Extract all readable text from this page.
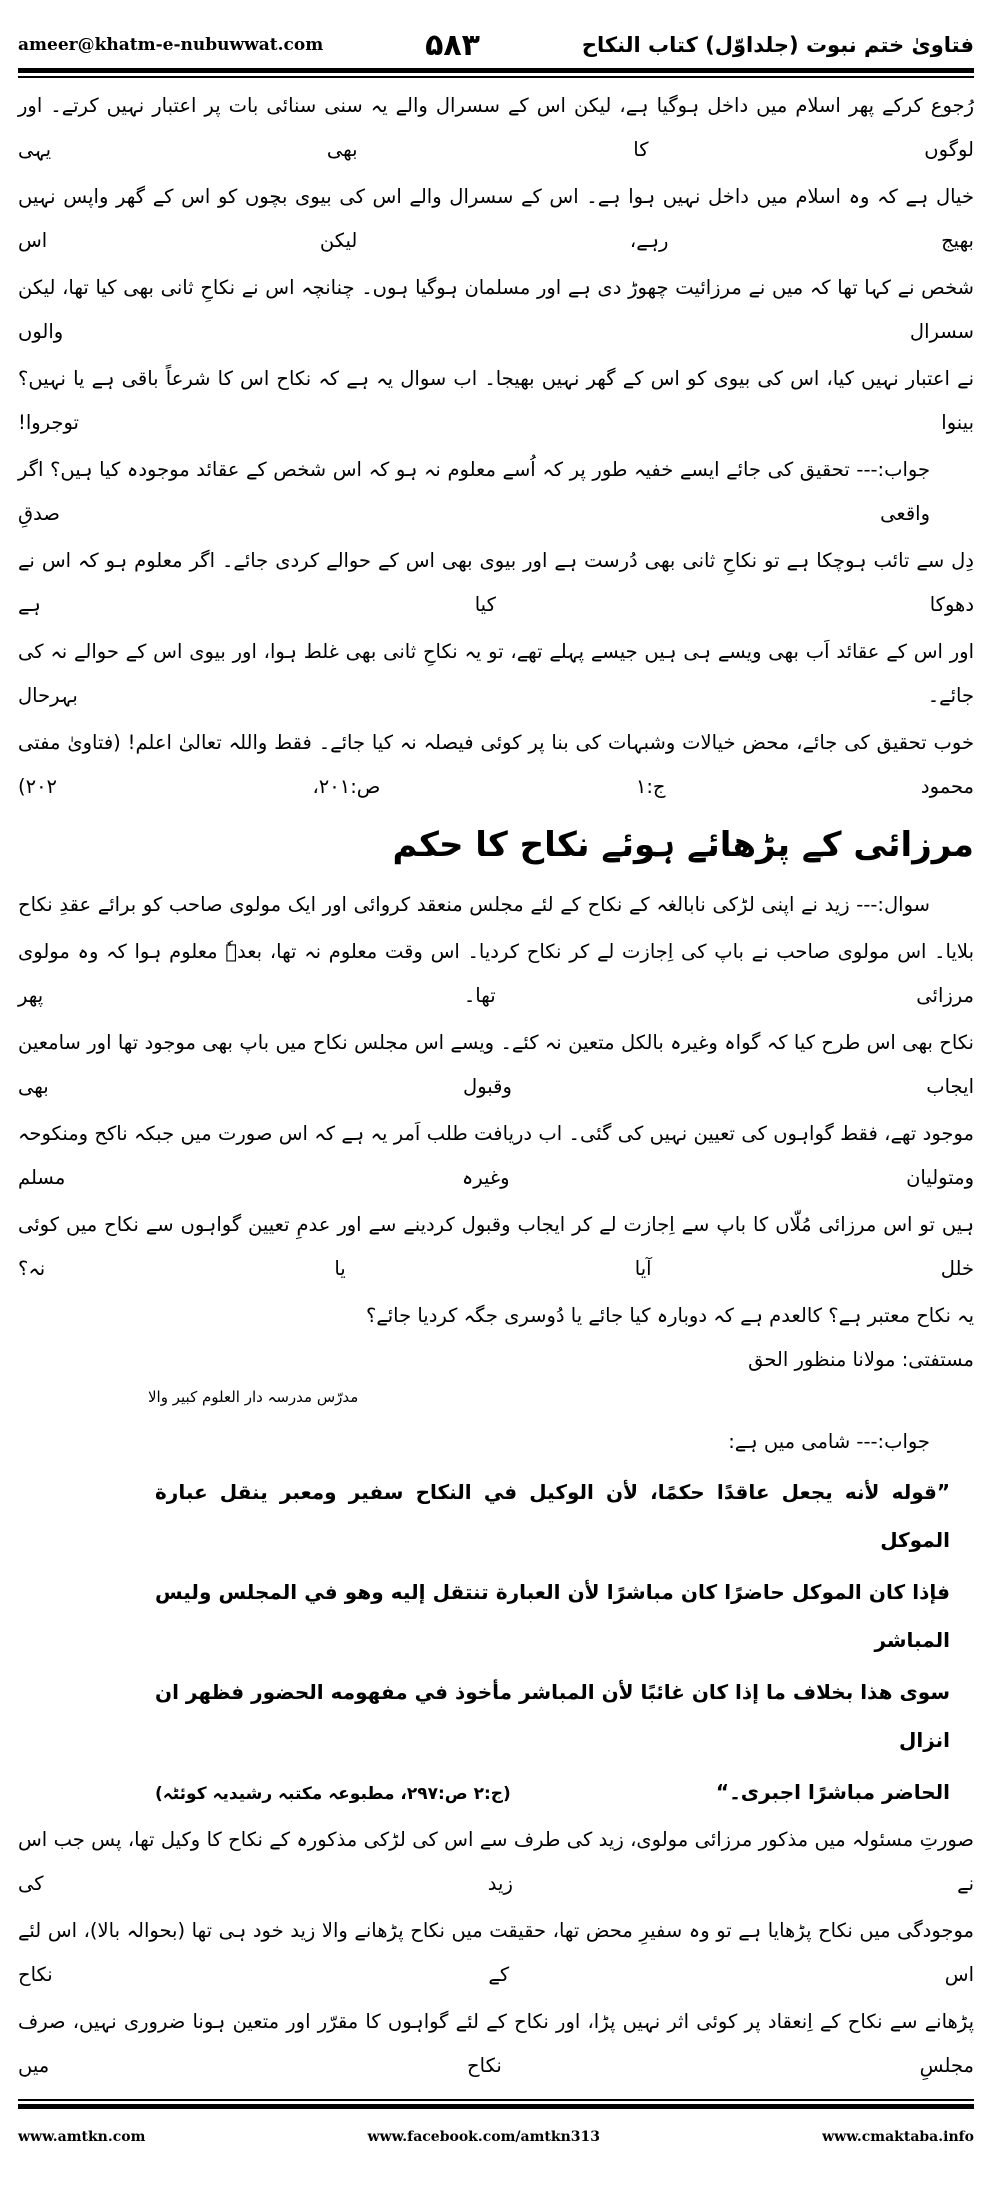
ameer@khatm-e-nubuwwat.com	۵۸۳	فتاویٰ ختم نبوت (جلداوّل) کتاب النکاح
رُجوع کرکے پھر اسلام میں داخل ہوگیا ہے، لیکن اس کے سسرال والے یہ سنی سنائی بات پر اعتبار نہیں کرتے۔ اور لوگوں کا بھی یہی
خیال ہے کہ وہ اسلام میں داخل نہیں ہوا ہے۔ اس کے سسرال والے اس کی بیوی بچوں کو اس کے گھر واپس نہیں بھیج رہے، لیکن اس
شخص نے کہا تھا کہ میں نے مرزائیت چھوڑ دی ہے اور مسلمان ہوگیا ہوں۔ چنانچہ اس نے نکاحِ ثانی بھی کیا تھا، لیکن سسرال والوں
نے اعتبار نہیں کیا، اس کی بیوی کو اس کے گھر نہیں بھیجا۔ اب سوال یہ ہے کہ نکاح اس کا شرعاً باقی ہے یا نہیں؟ بینوا توجروا!
جواب:--- تحقیق کی جائے ایسے خفیہ طور پر کہ اُسے معلوم نہ ہو کہ اس شخص کے عقائد موجودہ کیا ہیں؟ اگر واقعی صدقِ
دِل سے تائب ہوچکا ہے تو نکاحِ ثانی بھی دُرست ہے اور بیوی بھی اس کے حوالے کردی جائے۔ اگر معلوم ہو کہ اس نے دھوکا کیا ہے
اور اس کے عقائد اَب بھی ویسے ہی ہیں جیسے پہلے تھے، تو یہ نکاحِ ثانی بھی غلط ہوا، اور بیوی اس کے حوالے نہ کی جائے۔ بہرحال
خوب تحقیق کی جائے، محض خیالات وشبہات کی بنا پر کوئی فیصلہ نہ کیا جائے۔ فقط واللہ تعالیٰ اعلم! (فتاویٰ مفتی محمود ج:۱ ص:۲۰۱، ۲۰۲)
مرزائی کے پڑھائے ہوئے نکاح کا حکم
سوال:--- زید نے اپنی لڑکی نابالغہ کے نکاح کے لئے مجلس منعقد کروائی اور ایک مولوی صاحب کو برائے عقدِ نکاح
بلایا۔ اس مولوی صاحب نے باپ کی اِجازت لے کر نکاح کردیا۔ اس وقت معلوم نہ تھا، بعدہٗ معلوم ہوا کہ وہ مولوی مرزائی تھا۔ پھر
نکاح بھی اس طرح کیا کہ گواہ وغیرہ بالکل متعین نہ کئے۔ ویسے اس مجلس نکاح میں باپ بھی موجود تھا اور سامعین ایجاب وقبول بھی
موجود تھے، فقط گواہوں کی تعیین نہیں کی گئی۔ اب دریافت طلب اَمر یہ ہے کہ اس صورت میں جبکہ ناکح ومنکوحہ ومتولیان وغیرہ مسلم
ہیں تو اس مرزائی مُلّاں کا باپ سے اِجازت لے کر ایجاب وقبول کردینے سے اور عدمِ تعیین گواہوں سے نکاح میں کوئی خلل آیا یا نہ؟
یہ نکاح معتبر ہے؟ کالعدم ہے کہ دوبارہ کیا جائے یا دُوسری جگہ کردیا جائے؟
مستفتی: مولانا منظور الحق
مدرّس مدرسہ دار العلوم کبیر والا
جواب:--- شامی میں ہے:
”قوله لأنه يجعل عاقدًا حكمًا، لأن الوكيل في النكاح سفير ومعبر ينقل عبارة الموكل
فإذا كان الموكل حاضرًا كان مباشرًا لأن العبارة تنتقل إليه وهو في المجلس وليس المباشر
سوى هذا بخلاف ما إذا كان غائبًا لأن المباشر مأخوذ في مفهومه الحضور فظهر ان انزال
الحاضر مباشرًا اجبری۔“
(ج:۲ ص:۲۹۷، مطبوعہ مکتبہ رشیدیہ کوئٹہ)
صورتِ مسئولہ میں مذکور مرزائی مولوی، زید کی طرف سے اس کی لڑکی مذکورہ کے نکاح کا وکیل تھا، پس جب اس نے زید کی
موجودگی میں نکاح پڑھایا ہے تو وہ سفیرِ محض تھا، حقیقت میں نکاح پڑھانے والا زید خود ہی تھا (بحوالہ بالا)، اس لئے اس کے نکاح
پڑھانے سے نکاح کے اِنعقاد پر کوئی اثر نہیں پڑا، اور نکاح کے لئے گواہوں کا مقرّر اور متعین ہونا ضروری نہیں، صرف مجلسِ نکاح میں
www.amtkn.com	www.facebook.com/amtkn313	www.cmaktaba.info
